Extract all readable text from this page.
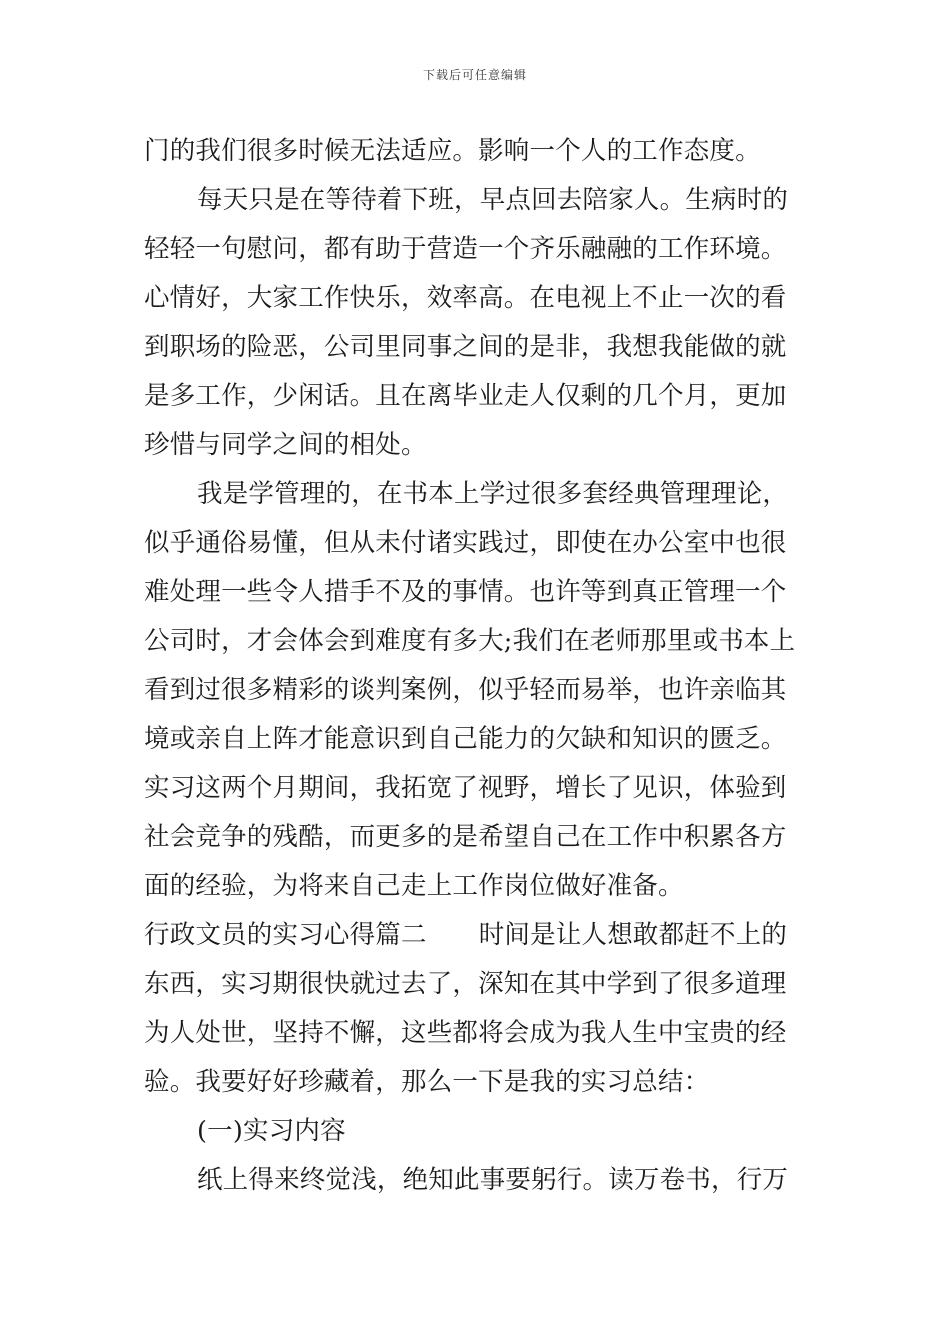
下载后可任意编辑
门的我们很多时候无法适应。影响一个人的工作态度。
每天只是在等待着下班，早点回去陪家人。生病时的
轻轻一句慰问，都有助于营造一个齐乐融融的工作环境。
心情好，大家工作快乐，效率高。在电视上不止一次的看
到职场的险恶，公司里同事之间的是非，我想我能做的就
是多工作，少闲话。且在离毕业走人仅剩的几个月，更加
珍惜与同学之间的相处。
我是学管理的，在书本上学过很多套经典管理理论，
似乎通俗易懂，但从未付诸实践过，即使在办公室中也很
难处理一些令人措手不及的事情。也许等到真正管理一个
公司时，才会体会到难度有多大;我们在老师那里或书本上
看到过很多精彩的谈判案例，似乎轻而易举，也许亲临其
境或亲自上阵才能意识到自己能力的欠缺和知识的匮乏。
实习这两个月期间，我拓宽了视野，增长了见识，体验到
社会竞争的残酷，而更多的是希望自己在工作中积累各方
面的经验，为将来自己走上工作岗位做好准备。
行政文员的实习心得篇二 时间是让人想敢都赶不上的
东西，实习期很快就过去了，深知在其中学到了很多道理
为人处世，坚持不懈，这些都将会成为我人生中宝贵的经
验。我要好好珍藏着，那么一下是我的实习总结：
(一)实习内容
纸上得来终觉浅，绝知此事要躬行。读万卷书，行万
